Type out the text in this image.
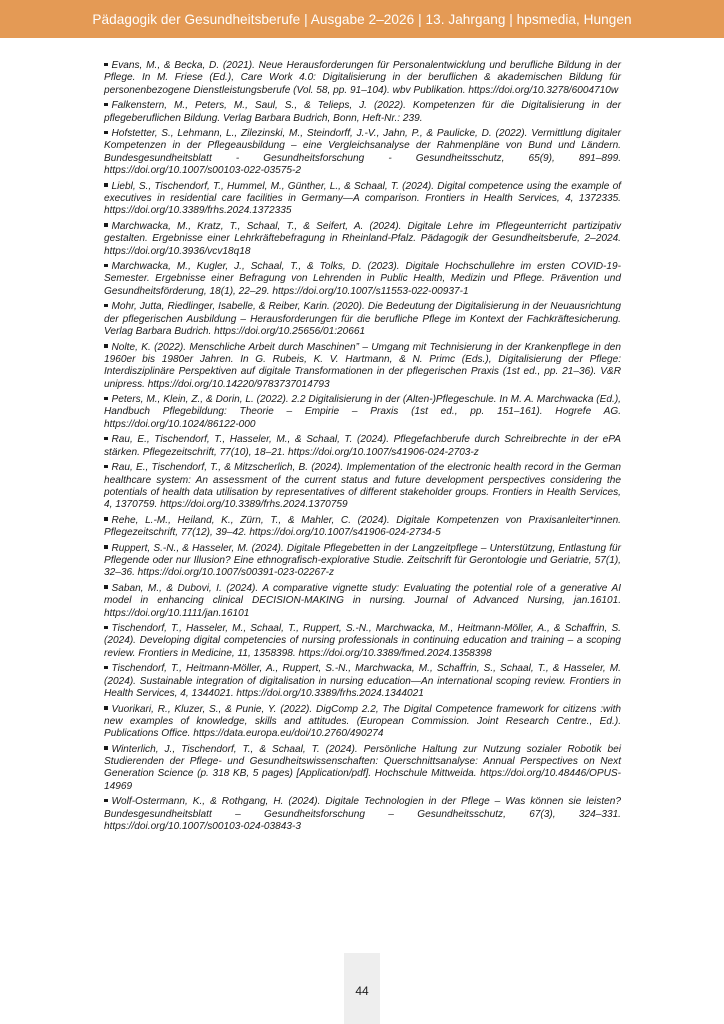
Pädagogik der Gesundheitsberufe | Ausgabe 2–2026 | 13. Jahrgang | hpsmedia, Hungen

Evans, M., & Becka, D. (2021). Neue Herausforderungen für Personalentwicklung und berufliche Bildung in der Pflege. In M. Friese (Ed.), Care Work 4.0: Digitalisierung in der beruflichen & akademischen Bildung für personenbezogene Dienstleistungsberufe (Vol. 58, pp. 91–104). wbv Publikation. https://doi.org/10.3278/6004710w

Falkenstern, M., Peters, M., Saul, S., & Telieps, J. (2022). Kompetenzen für die Digitalisierung in der pflegeberuflichen Bildung. Verlag Barbara Budrich, Bonn, Heft-Nr.: 239.

Hofstetter, S., Lehmann, L., Zilezinski, M., Steindorff, J.-V., Jahn, P., & Paulicke, D. (2022). Vermittlung digitaler Kompetenzen in der Pflegeausbildung – eine Vergleichsanalyse der Rahmenpläne von Bund und Ländern. Bundesgesundheitsblatt - Gesundheitsforschung - Gesundheitsschutz, 65(9), 891–899. https://doi.org/10.1007/s00103-022-03575-2

Liebl, S., Tischendorf, T., Hummel, M., Günther, L., & Schaal, T. (2024). Digital competence using the example of executives in residential care facilities in Germany—A comparison. Frontiers in Health Services, 4, 1372335. https://doi.org/10.3389/frhs.2024.1372335

Marchwacka, M., Kratz, T., Schaal, T., & Seifert, A. (2024). Digitale Lehre im Pflegeunterricht partizipativ gestalten. Ergebnisse einer Lehrkräftebefragung in Rheinland-Pfalz. Pädagogik der Gesundheitsberufe, 2–2024. https://doi.org/10.3936/vcv18q18

Marchwacka, M., Kugler, J., Schaal, T., & Tolks, D. (2023). Digitale Hochschullehre im ersten COVID-19-Semester. Ergebnisse einer Befragung von Lehrenden in Public Health, Medizin und Pflege. Prävention und Gesundheitsförderung, 18(1), 22–29. https://doi.org/10.1007/s11553-022-00937-1

Mohr, Jutta, Riedlinger, Isabelle, & Reiber, Karin. (2020). Die Bedeutung der Digitalisierung in der Neuausrichtung der pflegerischen Ausbildung – Herausforderungen für die berufliche Pflege im Kontext der Fachkräftesicherung. Verlag Barbara Budrich. https://doi.org/10.25656/01:20661

Nolte, K. (2022). Menschliche Arbeit durch Maschinen” – Umgang mit Technisierung in der Krankenpflege in den 1960er bis 1980er Jahren. In G. Rubeis, K. V. Hartmann, & N. Primc (Eds.), Digitalisierung der Pflege: Interdisziplinäre Perspektiven auf digitale Transformationen in der pflegerischen Praxis (1st ed., pp. 21–36). V&R unipress. https://doi.org/10.14220/9783737014793

Peters, M., Klein, Z., & Dorin, L. (2022). 2.2 Digitalisierung in der (Alten-)Pflegeschule. In M. A. Marchwacka (Ed.), Handbuch Pflegebildung: Theorie – Empirie – Praxis (1st ed., pp. 151–161). Hogrefe AG. https://doi.org/10.1024/86122-000

Rau, E., Tischendorf, T., Hasseler, M., & Schaal, T. (2024). Pflegefachberufe durch Schreibrechte in der ePA stärken. Pflegezeitschrift, 77(10), 18–21. https://doi.org/10.1007/s41906-024-2703-z

Rau, E., Tischendorf, T., & Mitzscherlich, B. (2024). Implementation of the electronic health record in the German healthcare system: An assessment of the current status and future development perspectives considering the potentials of health data utilisation by representatives of different stakeholder groups. Frontiers in Health Services, 4, 1370759. https://doi.org/10.3389/frhs.2024.1370759

Rehe, L.-M., Heiland, K., Zürn, T., & Mahler, C. (2024). Digitale Kompetenzen von Praxisanleiter*innen. Pflegezeitschrift, 77(12), 39–42. https://doi.org/10.1007/s41906-024-2734-5

Ruppert, S.-N., & Hasseler, M. (2024). Digitale Pflegebetten in der Langzeitpflege – Unterstützung, Entlastung für Pflegende oder nur Illusion? Eine ethnografisch-explorative Studie. Zeitschrift für Gerontologie und Geriatrie, 57(1), 32–36. https://doi.org/10.1007/s00391-023-02267-z

Saban, M., & Dubovi, I. (2024). A comparative vignette study: Evaluating the potential role of a generative AI model in enhancing clinical DECISION-MAKING in nursing. Journal of Advanced Nursing, jan.16101. https://doi.org/10.1111/jan.16101

Tischendorf, T., Hasseler, M., Schaal, T., Ruppert, S.-N., Marchwacka, M., Heitmann-Möller, A., & Schaffrin, S. (2024). Developing digital competencies of nursing professionals in continuing education and training – a scoping review. Frontiers in Medicine, 11, 1358398. https://doi.org/10.3389/fmed.2024.1358398

Tischendorf, T., Heitmann-Möller, A., Ruppert, S.-N., Marchwacka, M., Schaffrin, S., Schaal, T., & Hasseler, M. (2024). Sustainable integration of digitalisation in nursing education—An international scoping review. Frontiers in Health Services, 4, 1344021. https://doi.org/10.3389/frhs.2024.1344021

Vuorikari, R., Kluzer, S., & Punie, Y. (2022). DigComp 2.2, The Digital Competence framework for citizens :with new examples of knowledge, skills and attitudes. (European Commission. Joint Research Centre., Ed.). Publications Office. https://data.europa.eu/doi/10.2760/490274

Winterlich, J., Tischendorf, T., & Schaal, T. (2024). Persönliche Haltung zur Nutzung sozialer Robotik bei Studierenden der Pflege- und Gesundheitswissenschaften: Querschnittsanalyse: Annual Perspectives on Next Generation Science (p. 318 KB, 5 pages) [Application/pdf]. Hochschule Mittweida. https://doi.org/10.48446/OPUS-14969

Wolf-Ostermann, K., & Rothgang, H. (2024). Digitale Technologien in der Pflege – Was können sie leisten? Bundesgesundheitsblatt – Gesundheitsforschung – Gesundheitsschutz, 67(3), 324–331. https://doi.org/10.1007/s00103-024-03843-3

44
